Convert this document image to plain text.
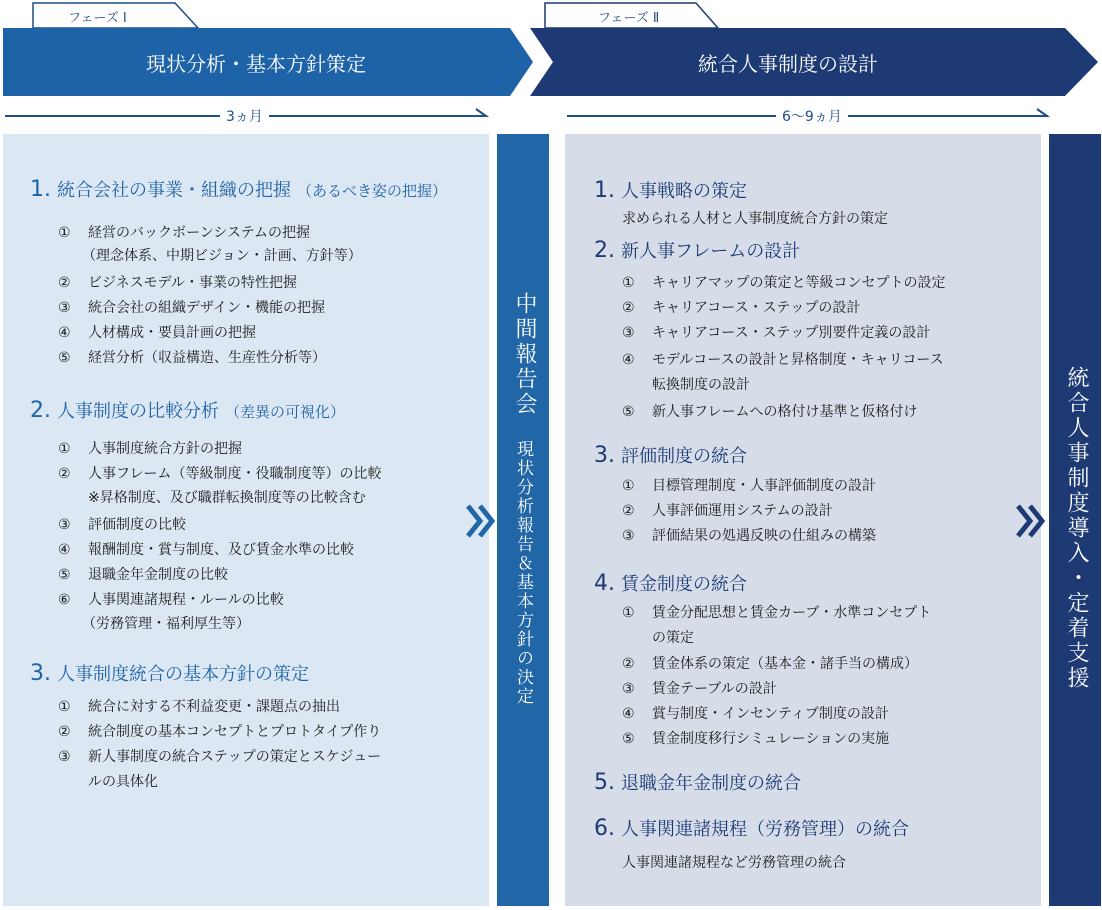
フェーズ Ⅰ
現状分析・基本方針策定
フェーズ Ⅱ
統合人事制度の設計
3ヵ月	6〜9ヵ月
中間報告会
現状分析報告＆基本方針の決定	統合人事制度導入・定着支援
1. 統合会社の事業・組織の把握 （あるべき姿の把握）
① 経営のバックボーンシステムの把握
（理念体系、中期ビジョン・計画、方針等）
② ビジネスモデル・事業の特性把握
③ 統合会社の組織デザイン・機能の把握
④ 人材構成・要員計画の把握
⑤ 経営分析（収益構造、生産性分析等）
2. 人事制度の比較分析 （差異の可視化）
① 人事制度統合方針の把握
② 人事フレーム（等級制度・役職制度等）の比較
※昇格制度、及び職群転換制度等の比較含む
③ 評価制度の比較
④ 報酬制度・賞与制度、及び賃金水準の比較
⑤ 退職金年金制度の比較
⑥ 人事関連諸規程・ルールの比較
（労務管理・福利厚生等）
3. 人事制度統合の基本方針の策定
① 統合に対する不利益変更・課題点の抽出
② 統合制度の基本コンセプトとプロトタイプ作り
③ 新人事制度の統合ステップの策定とスケジュー
ルの具体化
1. 人事戦略の策定
求められる人材と人事制度統合方針の策定
2. 新人事フレームの設計
① キャリアマップの策定と等級コンセプトの設定
② キャリアコース・ステップの設計
③ キャリアコース・ステップ別要件定義の設計
④ モデルコースの設計と昇格制度・キャリコース
転換制度の設計
⑤ 新人事フレームへの格付け基準と仮格付け
3. 評価制度の統合
① 目標管理制度・人事評価制度の設計
② 人事評価運用システムの設計
③ 評価結果の処遇反映の仕組みの構築
4. 賃金制度の統合
① 賃金分配思想と賃金カーブ・水準コンセプト
の策定
② 賃金体系の策定（基本金・諸手当の構成）
③ 賃金テーブルの設計
④ 賞与制度・インセンティブ制度の設計
⑤ 賃金制度移行シミュレーションの実施
5. 退職金年金制度の統合
6. 人事関連諸規程（労務管理）の統合
人事関連諸規程など労務管理の統合
